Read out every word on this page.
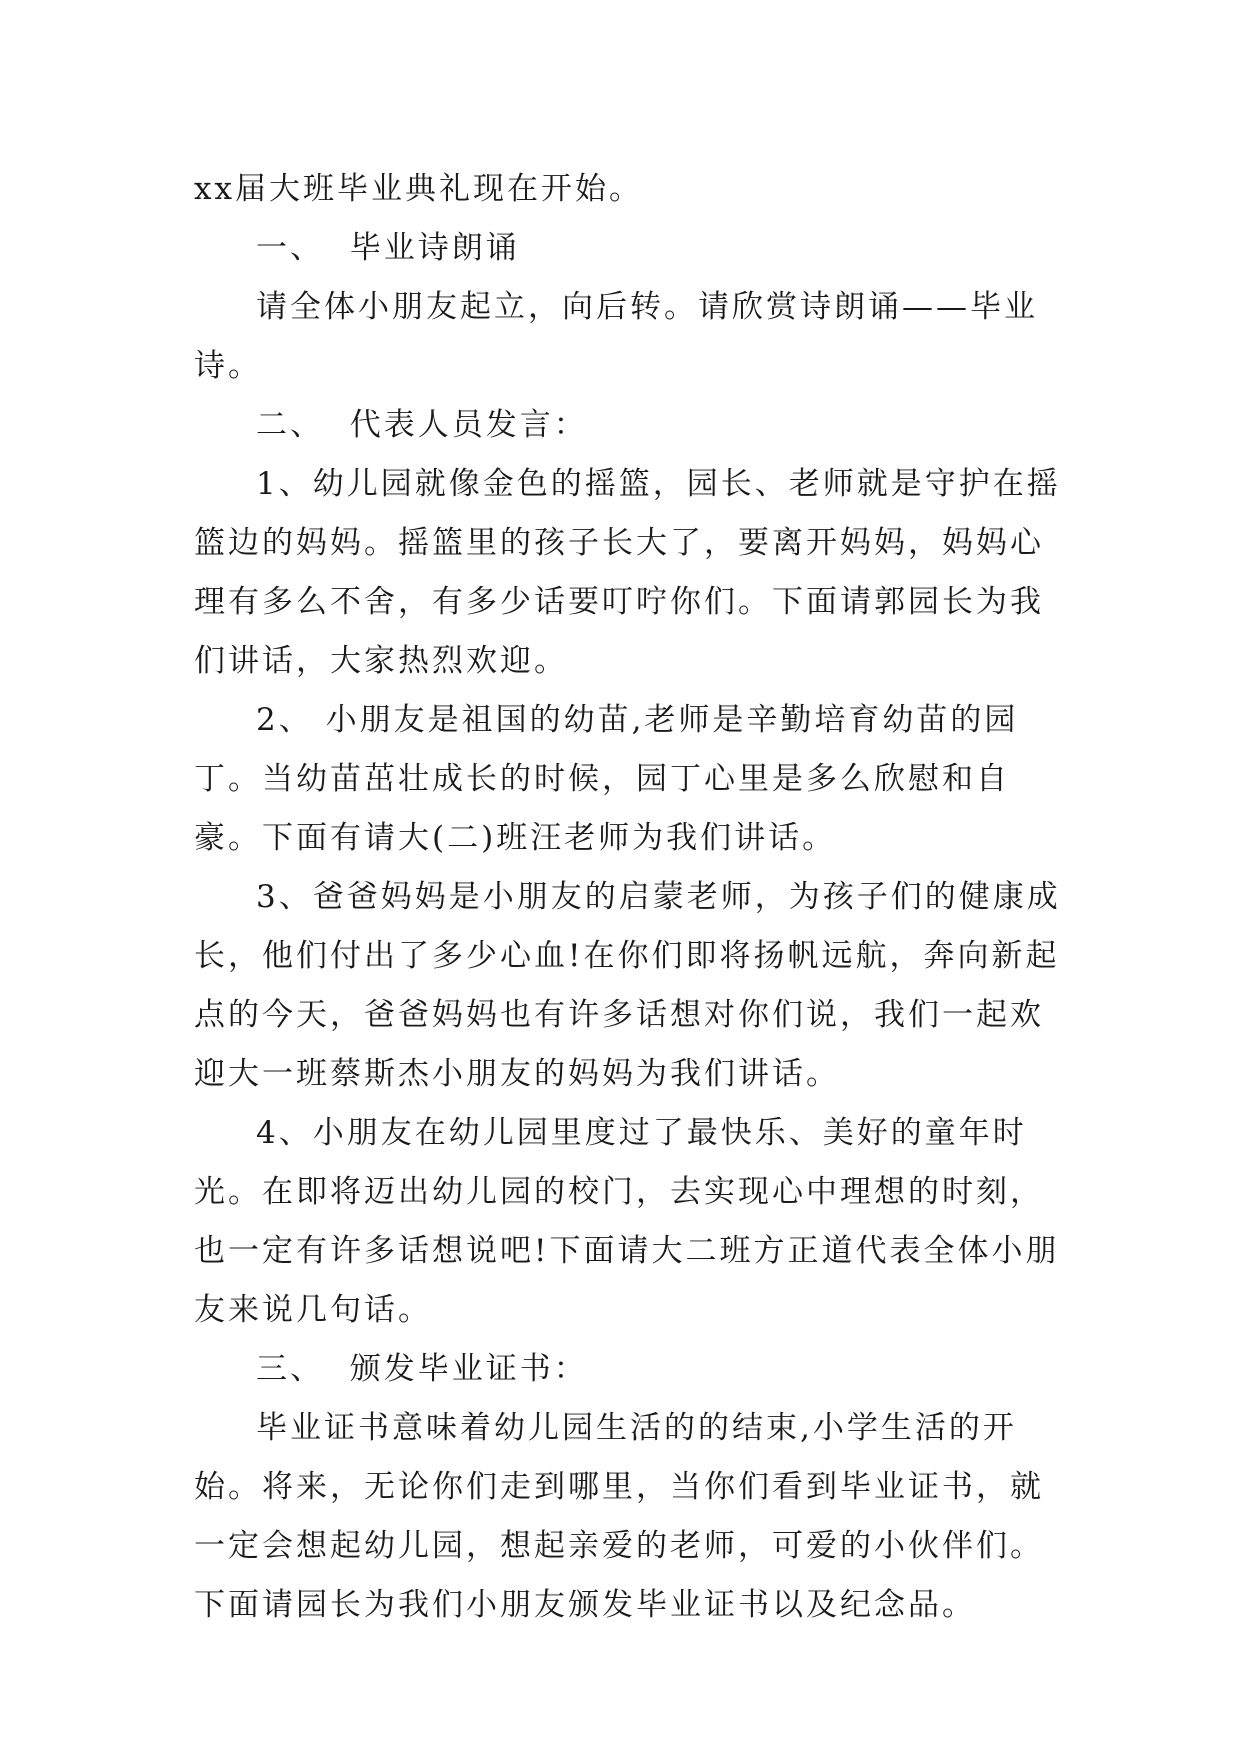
xx届大班毕业典礼现在开始。

一、  毕业诗朗诵

请全体小朋友起立，向后转。请欣赏诗朗诵——毕业诗。

二、  代表人员发言：

1、幼儿园就像金色的摇篮，园长、老师就是守护在摇篮边的妈妈。摇篮里的孩子长大了，要离开妈妈，妈妈心理有多么不舍，有多少话要叮咛你们。下面请郭园长为我们讲话，大家热烈欢迎。

2、 小朋友是祖国的幼苗,老师是辛勤培育幼苗的园丁。当幼苗茁壮成长的时候，园丁心里是多么欣慰和自豪。下面有请大(二)班汪老师为我们讲话。

3、爸爸妈妈是小朋友的启蒙老师，为孩子们的健康成长，他们付出了多少心血!在你们即将扬帆远航，奔向新起点的今天，爸爸妈妈也有许多话想对你们说，我们一起欢迎大一班蔡斯杰小朋友的妈妈为我们讲话。

4、小朋友在幼儿园里度过了最快乐、美好的童年时光。在即将迈出幼儿园的校门，去实现心中理想的时刻，也一定有许多话想说吧!下面请大二班方正道代表全体小朋友来说几句话。

三、  颁发毕业证书：

毕业证书意味着幼儿园生活的的结束,小学生活的开始。将来，无论你们走到哪里，当你们看到毕业证书，就一定会想起幼儿园，想起亲爱的老师，可爱的小伙伴们。下面请园长为我们小朋友颁发毕业证书以及纪念品。
